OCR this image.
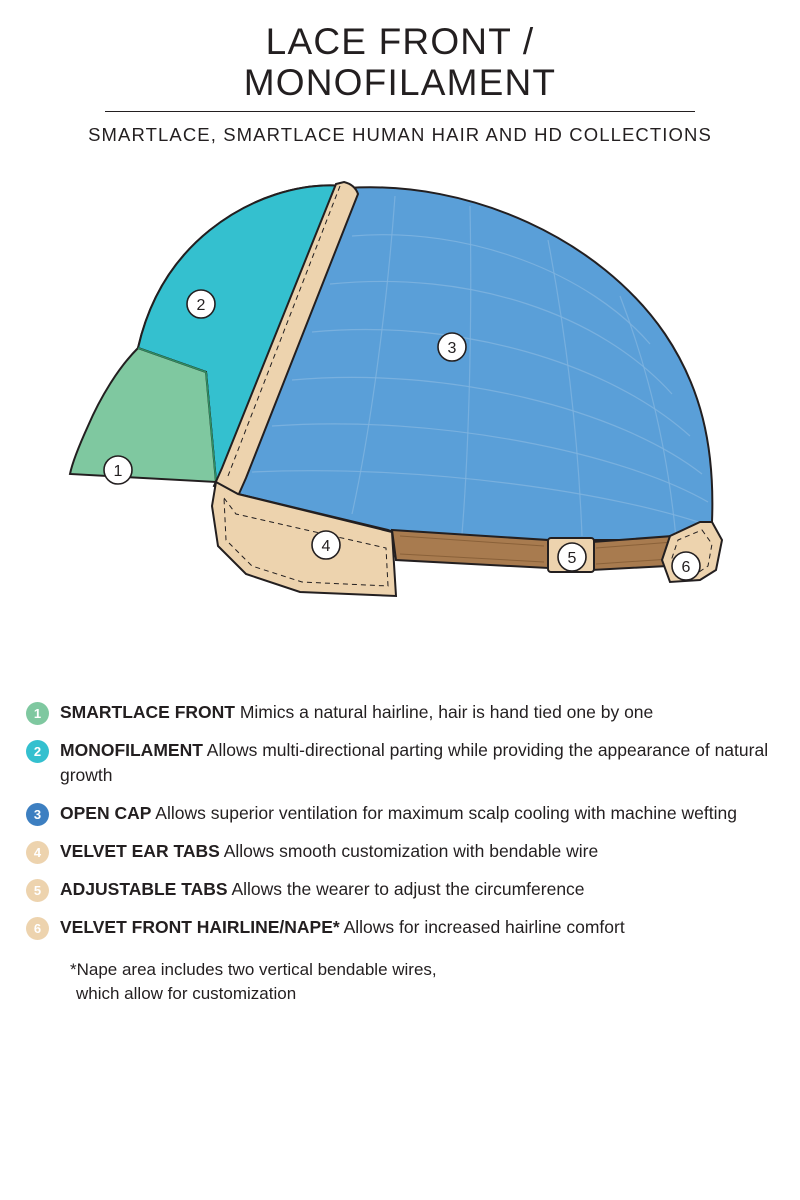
LACE FRONT / MONOFILAMENT
SMARTLACE, SMARTLACE HUMAN HAIR AND HD COLLECTIONS
1
2
3
4
5
6
1	SMARTLACE FRONT Mimics a natural hairline, hair is hand tied one by one
2	MONOFILAMENT Allows multi-directional parting while providing the appearance of natural growth
3	OPEN CAP Allows superior ventilation for maximum scalp cooling with machine wefting
4	VELVET EAR TABS Allows smooth customization with bendable wire
5	ADJUSTABLE TABS Allows the wearer to adjust the circumference
6	VELVET FRONT HAIRLINE/NAPE* Allows for increased hairline comfort
*Nape area includes two vertical bendable wires,
which allow for customization
